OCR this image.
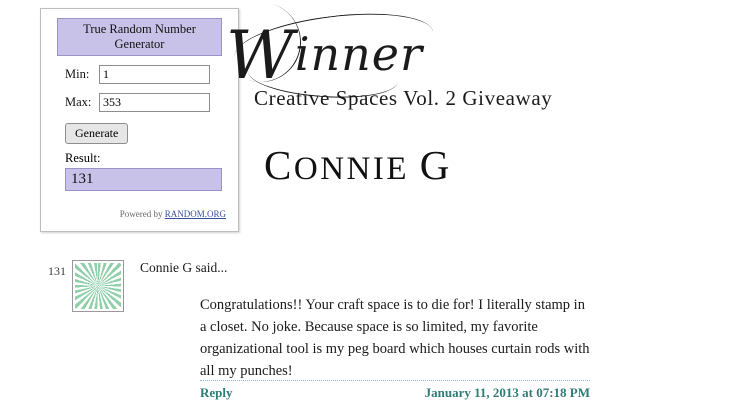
True Random Number Generator
Min:
1
Max:
353
Generate
Result:
131
Powered by RANDOM.ORG
Winner
Creative Spaces Vol. 2 Giveaway
CONNIE G
131	Connie G said...
Congratulations!! Your craft space is to die for! I literally stamp in a closet. No joke. Because space is so limited, my favorite organizational tool is my peg board which houses curtain rods with all my punches!
Reply	January 11, 2013 at 07:18 PM
